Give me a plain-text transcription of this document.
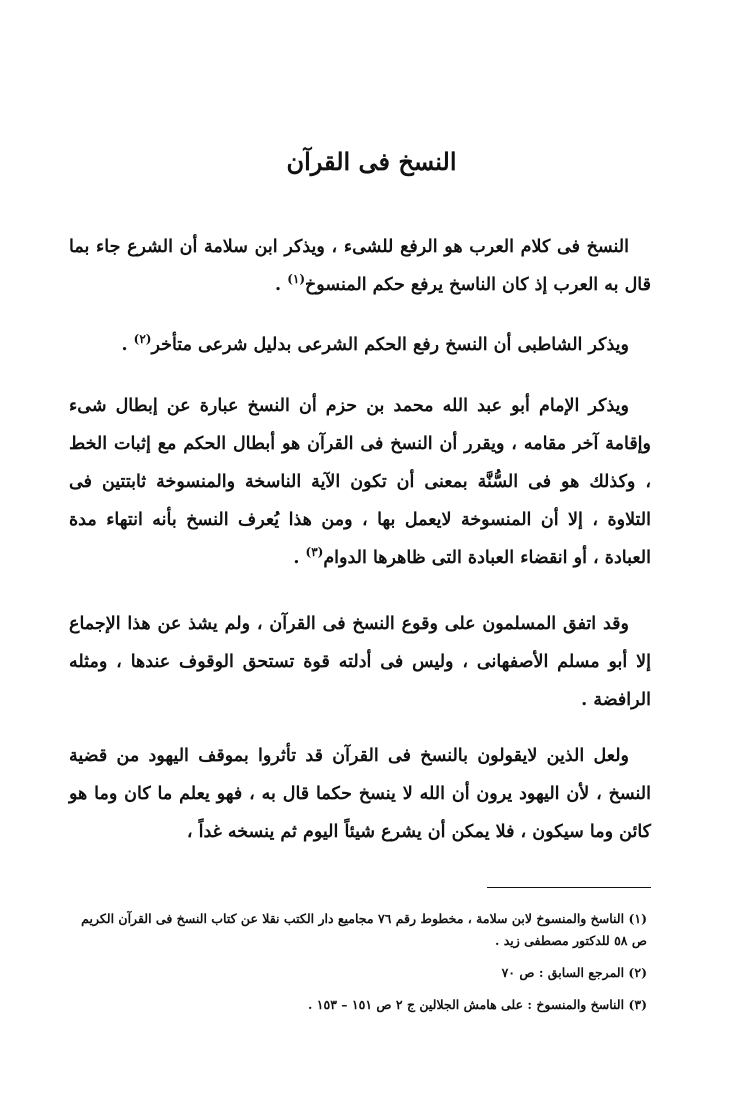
النسخ فى القرآن

النسخ فى كلام العرب هو الرفع للشىء ، ويذكر ابن سلامة أن الشرع جاء بما قال به العرب إذ كان الناسخ يرفع حكم المنسوخ$^{(١)}$ .

ويذكر الشاطبى أن النسخ رفع الحكم الشرعى بدليل شرعى متأخر$^{(٢)}$ .

ويذكر الإمام أبو عبد الله محمد بن حزم أن النسخ عبارة عن إبطال شىء وإقامة آخر مقامه ، ويقرر أن النسخ فى القرآن هو أبطال الحكم مع إثبات الخط ، وكذلك هو فى السُّنَّة بمعنى أن تكون الآية الناسخة والمنسوخة ثابتتين فى التلاوة ، إلا أن المنسوخة لايعمل بها ، ومن هذا يُعرف النسخ بأنه انتهاء مدة العبادة ، أو انقضاء العبادة التى ظاهرها الدوام$^{(٣)}$ .

وقد اتفق المسلمون على وقوع النسخ فى القرآن ، ولم يشذ عن هذا الإجماع إلا أبو مسلم الأصفهانى ، وليس فى أدلته قوة تستحق الوقوف عندها ، ومثله الرافضة .

ولعل الذين لايقولون بالنسخ فى القرآن قد تأثروا بموقف اليهود من قضية النسخ ، لأن اليهود يرون أن الله لا ينسخ حكما قال به ، فهو يعلم ما كان وما هو كائن وما سيكون ، فلا يمكن أن يشرع شيئاً اليوم ثم ينسخه غداً ،

(١) الناسخ والمنسوخ لابن سلامة ، مخطوط رقم ٧٦ مجاميع دار الكتب نقلا عن كتاب النسخ فى القرآن الكريم ص ٥٨ للدكتور مصطفى زيد .

(٢) المرجع السابق : ص ٧٠

(٣) الناسخ والمنسوخ : على هامش الجلالين ج ٢ ص ١٥١ – ١٥٣ .
